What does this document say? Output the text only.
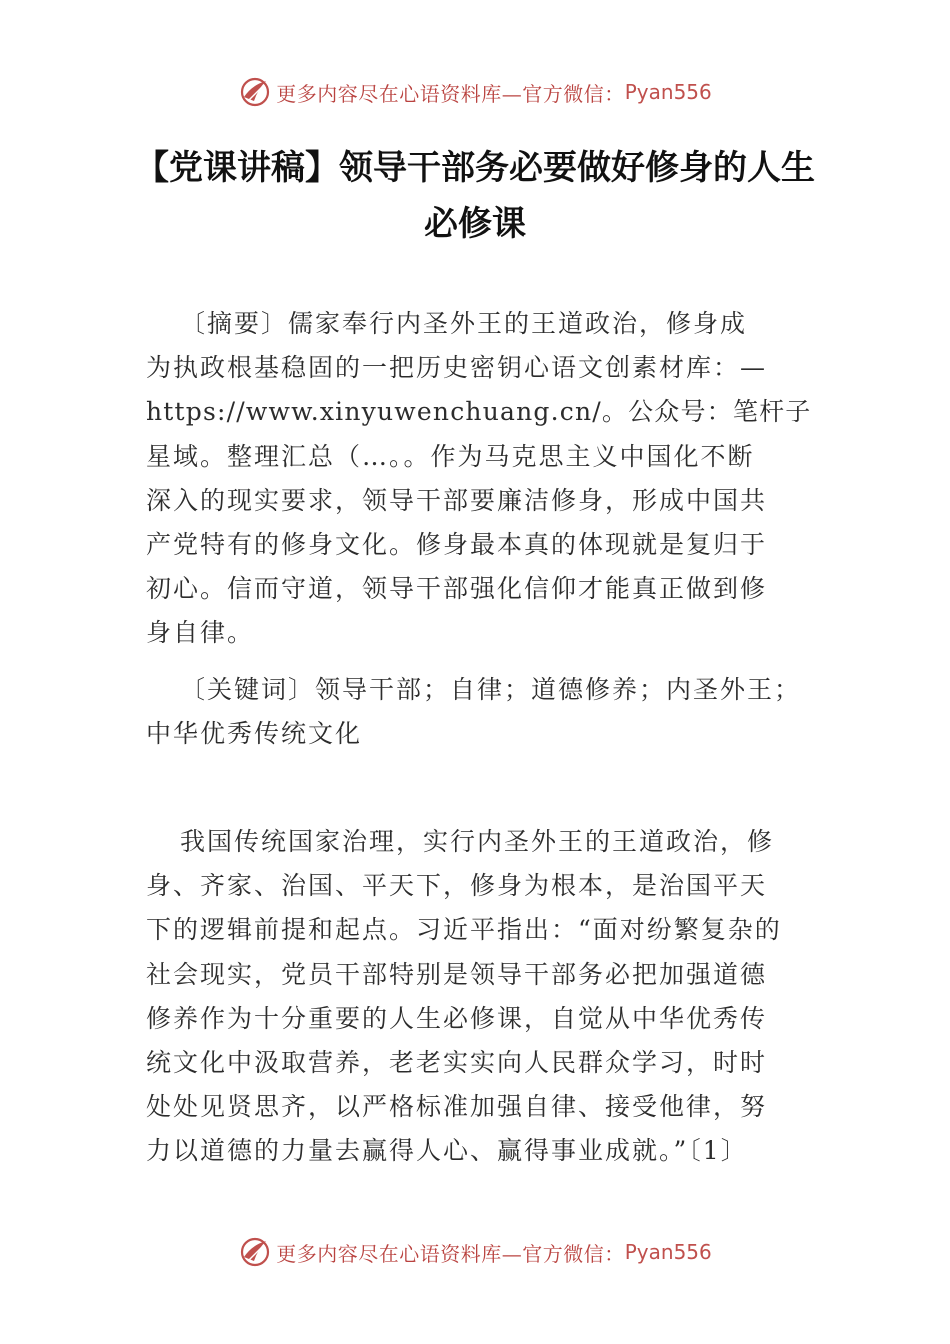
更多内容尽在心语资料库—官方微信： Pyan556
【党课讲稿】领导干部务必要做好修身的人生
必修课

〔摘要〕儒家奉行内圣外王的王道政治，修身成
为执政根基稳固的一把历史密钥心语文创素材库：—
https://www.xinyuwenchuang.cn/。公众号：笔杆子
星域。整理汇总（…。。作为马克思主义中国化不断
深入的现实要求，领导干部要廉洁修身，形成中国共
产党特有的修身文化。修身最本真的体现就是复归于
初心。信而守道，领导干部强化信仰才能真正做到修
身自律。

〔关键词〕领导干部；自律；道德修养；内圣外王；
中华优秀传统文化

我国传统国家治理，实行内圣外王的王道政治，修
身、齐家、治国、平天下，修身为根本，是治国平天
下的逻辑前提和起点。习近平指出：“面对纷繁复杂的
社会现实，党员干部特别是领导干部务必把加强道德
修养作为十分重要的人生必修课，自觉从中华优秀传
统文化中汲取营养，老老实实向人民群众学习，时时
处处见贤思齐，以严格标准加强自律、接受他律，努
力以道德的力量去赢得人心、赢得事业成就。”〔1〕

更多内容尽在心语资料库—官方微信： Pyan556
